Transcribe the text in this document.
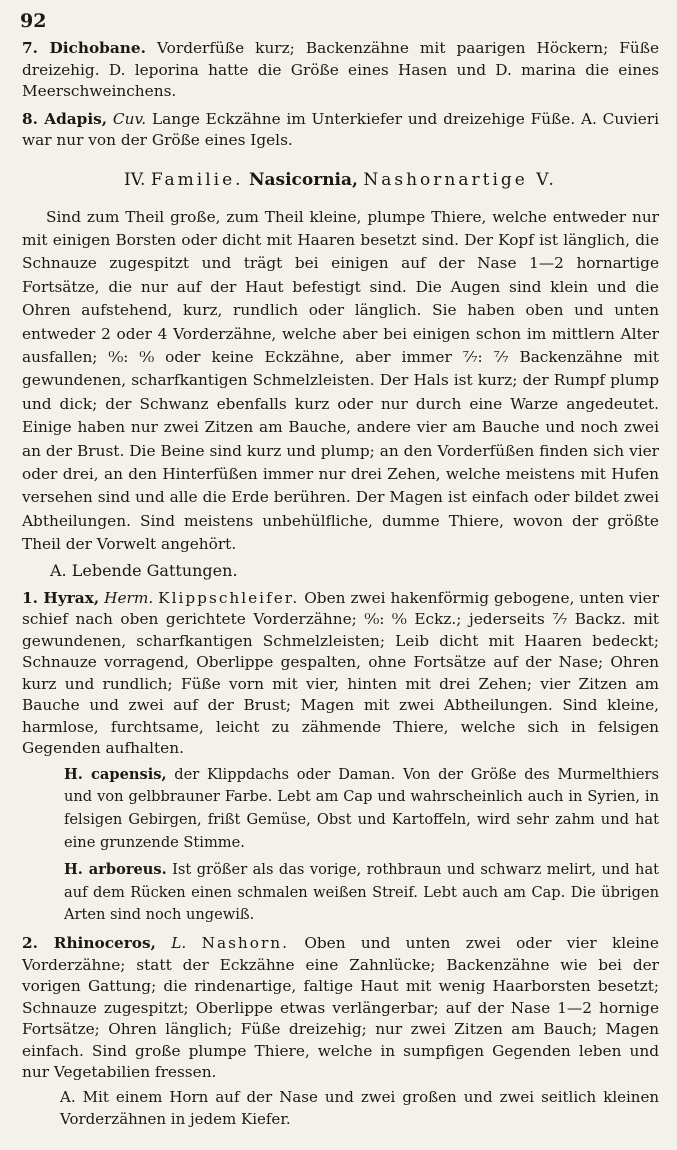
92

7. Dichobane. Vorderfüße kurz; Backenzähne mit paarigen Höckern; Füße dreizehig. D. leporina hatte die Größe eines Hasen und D. marina die eines Meerschweinchens.

8. Adapis, Cuv. Lange Eckzähne im Unterkiefer und dreizehige Füße. A. Cuvieri war nur von der Größe eines Igels.

IV. Familie. Nasicornia, Nashornartige V.

Sind zum Theil große, zum Theil kleine, plumpe Thiere, welche entweder nur mit einigen Borsten oder dicht mit Haaren besetzt sind. Der Kopf ist länglich, die Schnauze zugespitzt und trägt bei einigen auf der Nase 1—2 hornartige Fortsätze, die nur auf der Haut befestigt sind. Die Augen sind klein und die Ohren aufstehend, kurz, rundlich oder länglich. Sie haben oben und unten entweder 2 oder 4 Vorderzähne, welche aber bei einigen schon im mittlern Alter ausfallen; ⁰⁄₀: ⁰⁄₀ oder keine Eckzähne, aber immer ⁷⁄₇: ⁷⁄₇ Backenzähne mit gewundenen, scharfkantigen Schmelzleisten. Der Hals ist kurz; der Rumpf plump und dick; der Schwanz ebenfalls kurz oder nur durch eine Warze angedeutet. Einige haben nur zwei Zitzen am Bauche, andere vier am Bauche und noch zwei an der Brust. Die Beine sind kurz und plump; an den Vorderfüßen finden sich vier oder drei, an den Hinterfüßen immer nur drei Zehen, welche meistens mit Hufen versehen sind und alle die Erde berühren. Der Magen ist einfach oder bildet zwei Abtheilungen. Sind meistens unbehülfliche, dumme Thiere, wovon der größte Theil der Vorwelt angehört.

A. Lebende Gattungen.

1. Hyrax, Herm. Klippschleifer. Oben zwei hakenförmig gebogene, unten vier schief nach oben gerichtete Vorderzähne; ⁰⁄₀: ⁰⁄₀ Eckz.; jederseits ⁷⁄₇ Backz. mit gewundenen, scharfkantigen Schmelzleisten; Leib dicht mit Haaren bedeckt; Schnauze vorragend, Oberlippe gespalten, ohne Fortsätze auf der Nase; Ohren kurz und rundlich; Füße vorn mit vier, hinten mit drei Zehen; vier Zitzen am Bauche und zwei auf der Brust; Magen mit zwei Abtheilungen. Sind kleine, harmlose, furchtsame, leicht zu zähmende Thiere, welche sich in felsigen Gegenden aufhalten.

H. capensis, der Klippdachs oder Daman. Von der Größe des Murmelthiers und von gelbbrauner Farbe. Lebt am Cap und wahrscheinlich auch in Syrien, in felsigen Gebirgen, frißt Gemüse, Obst und Kartoffeln, wird sehr zahm und hat eine grunzende Stimme.

H. arboreus. Ist größer als das vorige, rothbraun und schwarz melirt, und hat auf dem Rücken einen schmalen weißen Streif. Lebt auch am Cap. Die übrigen Arten sind noch ungewiß.

2. Rhinoceros, L. Nashorn. Oben und unten zwei oder vier kleine Vorderzähne; statt der Eckzähne eine Zahnlücke; Backenzähne wie bei der vorigen Gattung; die rindenartige, faltige Haut mit wenig Haarborsten besetzt; Schnauze zugespitzt; Oberlippe etwas verlängerbar; auf der Nase 1—2 hornige Fortsätze; Ohren länglich; Füße dreizehig; nur zwei Zitzen am Bauch; Magen einfach. Sind große plumpe Thiere, welche in sumpfigen Gegenden leben und nur Vegetabilien fressen.

A. Mit einem Horn auf der Nase und zwei großen und zwei seitlich kleinen Vorderzähnen in jedem Kiefer.
